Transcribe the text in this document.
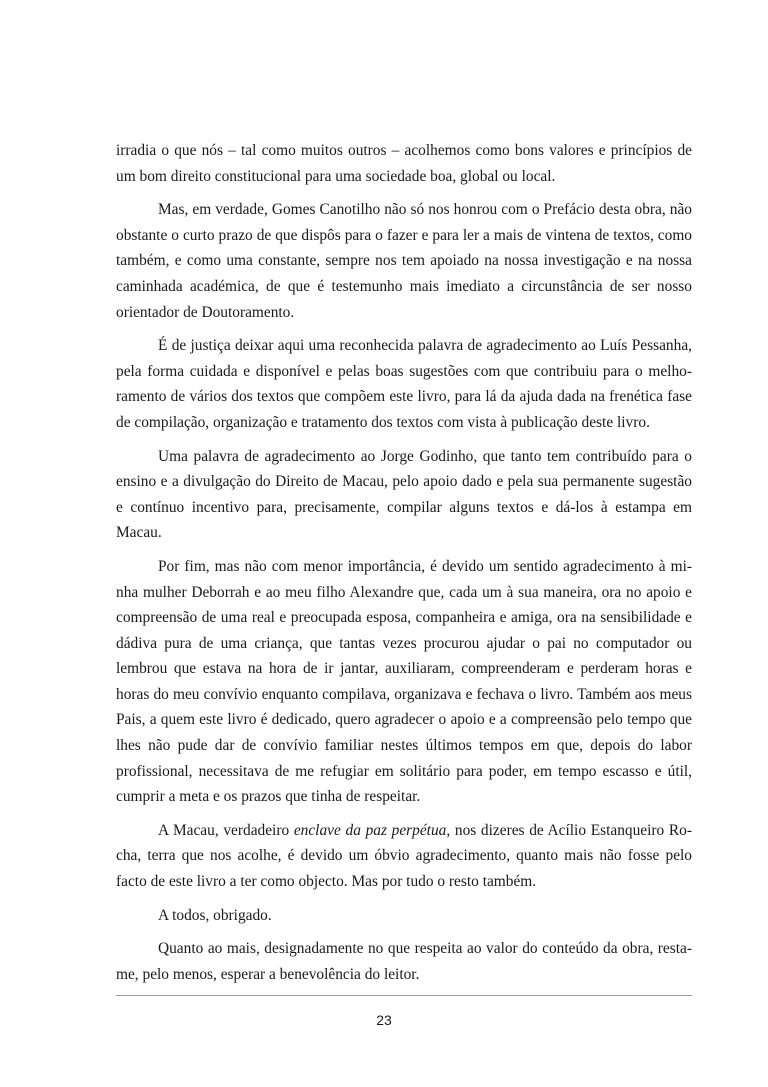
irradia o que nós – tal como muitos outros – acolhemos como bons valores e princípios de um bom direito constitucional para uma sociedade boa, global ou local.

Mas, em verdade, Gomes Canotilho não só nos honrou com o Prefácio desta obra, não obstante o curto prazo de que dispôs para o fazer e para ler a mais de vintena de textos, como também, e como uma constante, sempre nos tem apoiado na nossa investigação e na nossa caminhada académica, de que é testemunho mais imediato a circunstância de ser nosso orientador de Doutoramento.

É de justiça deixar aqui uma reconhecida palavra de agradecimento ao Luís Pessanha, pela forma cuidada e disponível e pelas boas sugestões com que contribuiu para o melhoramento de vários dos textos que compõem este livro, para lá da ajuda dada na frenética fase de compilação, organização e tratamento dos textos com vista à publicação deste livro.

Uma palavra de agradecimento ao Jorge Godinho, que tanto tem contribuído para o ensino e a divulgação do Direito de Macau, pelo apoio dado e pela sua permanente sugestão e contínuo incentivo para, precisamente, compilar alguns textos e dá-los à estampa em Macau.

Por fim, mas não com menor importância, é devido um sentido agradecimento à minha mulher Deborrah e ao meu filho Alexandre que, cada um à sua maneira, ora no apoio e compreensão de uma real e preocupada esposa, companheira e amiga, ora na sensibilidade e dádiva pura de uma criança, que tantas vezes procurou ajudar o pai no computador ou lembrou que estava na hora de ir jantar, auxiliaram, compreenderam e perderam horas e horas do meu convívio enquanto compilava, organizava e fechava o livro. Também aos meus Pais, a quem este livro é dedicado, quero agradecer o apoio e a compreensão pelo tempo que lhes não pude dar de convívio familiar nestes últimos tempos em que, depois do labor profissional, necessitava de me refugiar em solitário para poder, em tempo escasso e útil, cumprir a meta e os prazos que tinha de respeitar.

A Macau, verdadeiro enclave da paz perpétua, nos dizeres de Acílio Estanqueiro Rocha, terra que nos acolhe, é devido um óbvio agradecimento, quanto mais não fosse pelo facto de este livro a ter como objecto. Mas por tudo o resto também.

A todos, obrigado.

Quanto ao mais, designadamente no que respeita ao valor do conteúdo da obra, resta-me, pelo menos, esperar a benevolência do leitor.

23
